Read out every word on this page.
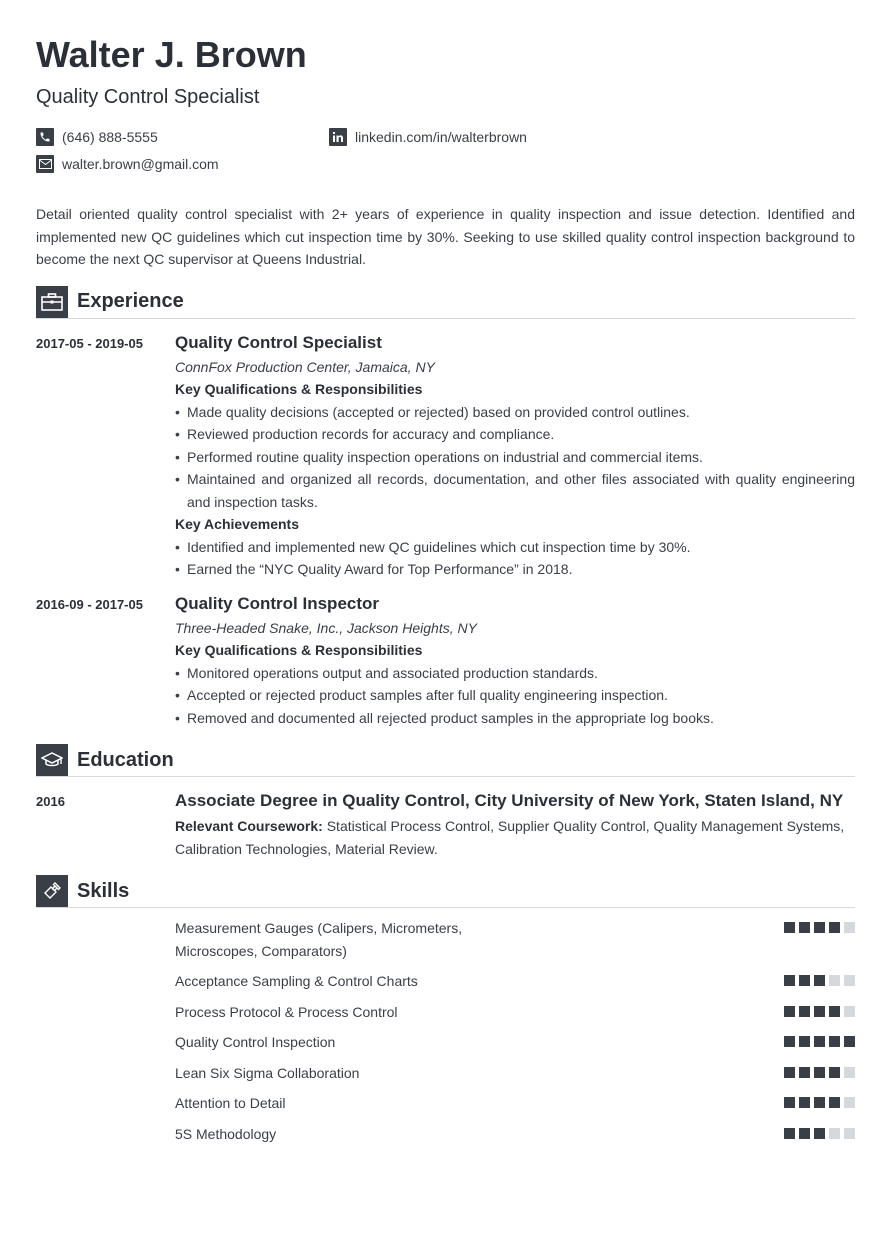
Walter J. Brown
Quality Control Specialist
(646) 888-5555	linkedin.com/in/walterbrown
walter.brown@gmail.com
Detail oriented quality control specialist with 2+ years of experience in quality inspection and issue detection. Identified and implemented new QC guidelines which cut inspection time by 30%. Seeking to use skilled quality control inspection background to become the next QC supervisor at Queens Industrial.
Experience
2017-05 - 2019-05	Quality Control Specialist
ConnFox Production Center, Jamaica, NY
Key Qualifications & Responsibilities
• Made quality decisions (accepted or rejected) based on provided control outlines.
• Reviewed production records for accuracy and compliance.
• Performed routine quality inspection operations on industrial and commercial items.
• Maintained and organized all records, documentation, and other files associated with quality engineering and inspection tasks.
Key Achievements
• Identified and implemented new QC guidelines which cut inspection time by 30%.
• Earned the “NYC Quality Award for Top Performance” in 2018.
2016-09 - 2017-05	Quality Control Inspector
Three-Headed Snake, Inc., Jackson Heights, NY
Key Qualifications & Responsibilities
• Monitored operations output and associated production standards.
• Accepted or rejected product samples after full quality engineering inspection.
• Removed and documented all rejected product samples in the appropriate log books.
Education
2016	Associate Degree in Quality Control, City University of New York, Staten Island, NY
Relevant Coursework: Statistical Process Control, Supplier Quality Control, Quality Management Systems, Calibration Technologies, Material Review.
Skills
Measurement Gauges (Calipers, Micrometers, Microscopes, Comparators)
Acceptance Sampling & Control Charts
Process Protocol & Process Control
Quality Control Inspection
Lean Six Sigma Collaboration
Attention to Detail
5S Methodology
